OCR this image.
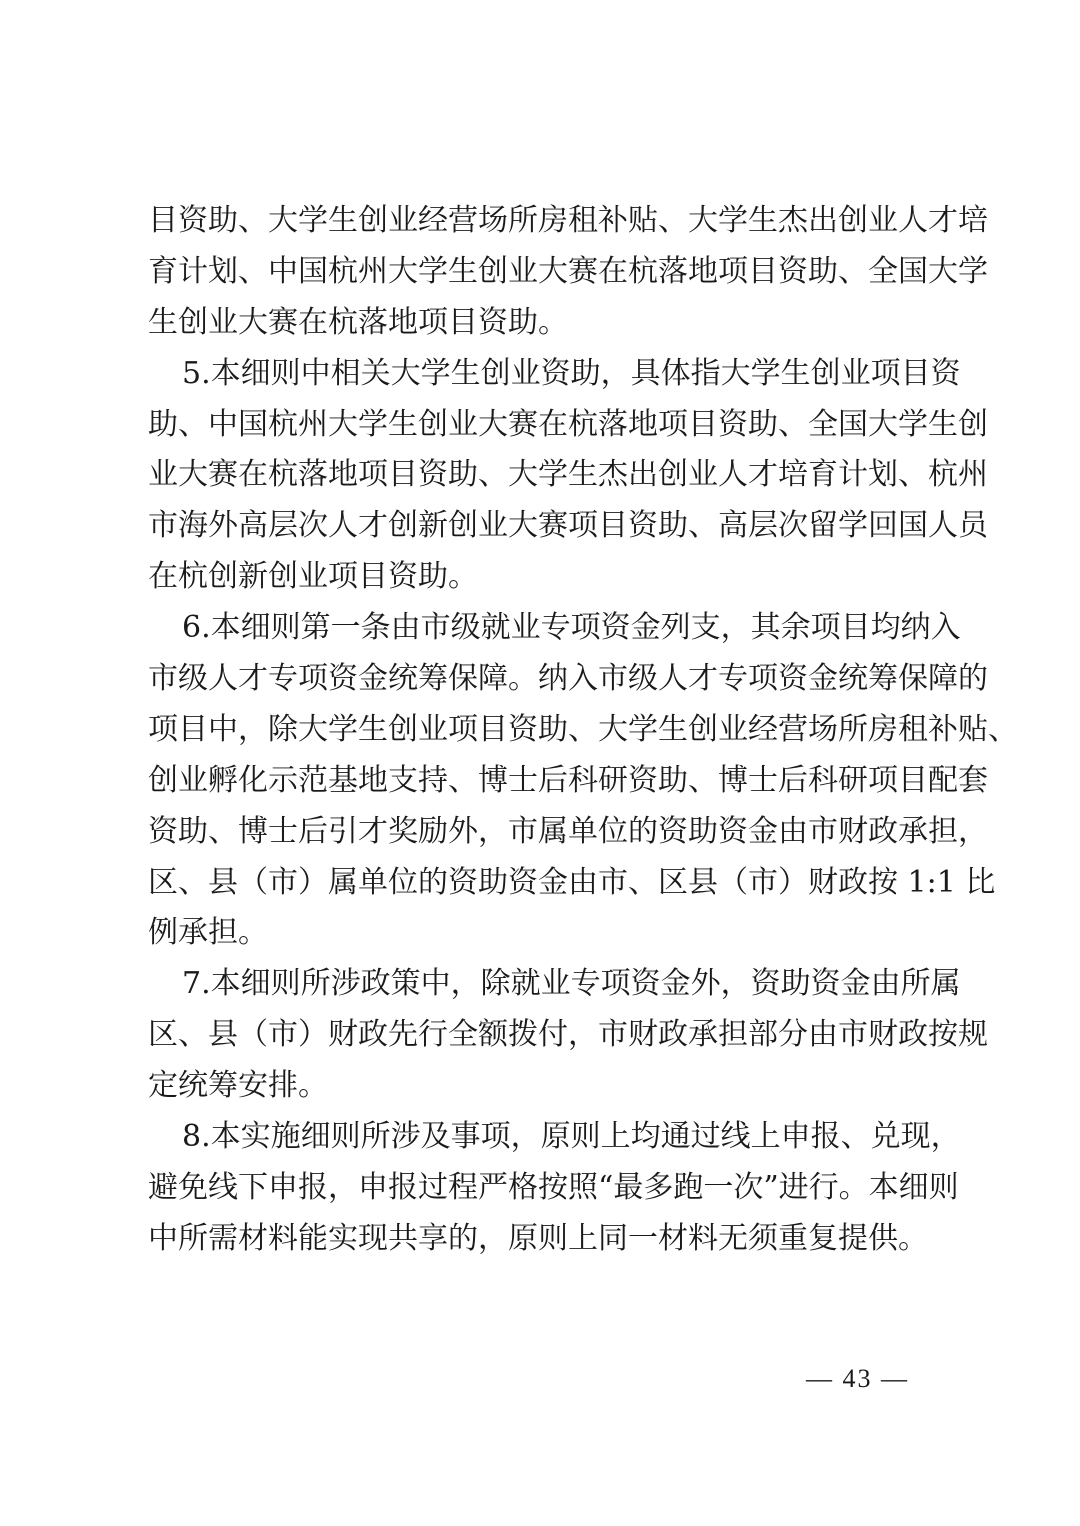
目资助、大学生创业经营场所房租补贴、大学生杰出创业人才培
育计划、中国杭州大学生创业大赛在杭落地项目资助、全国大学
生创业大赛在杭落地项目资助。
5.本细则中相关大学生创业资助，具体指大学生创业项目资
助、中国杭州大学生创业大赛在杭落地项目资助、全国大学生创
业大赛在杭落地项目资助、大学生杰出创业人才培育计划、杭州
市海外高层次人才创新创业大赛项目资助、高层次留学回国人员
在杭创新创业项目资助。
6.本细则第一条由市级就业专项资金列支，其余项目均纳入
市级人才专项资金统筹保障。纳入市级人才专项资金统筹保障的
项目中，除大学生创业项目资助、大学生创业经营场所房租补贴、
创业孵化示范基地支持、博士后科研资助、博士后科研项目配套
资助、博士后引才奖励外，市属单位的资助资金由市财政承担，
区、县（市）属单位的资助资金由市、区县（市）财政按 1:1 比
例承担。
7.本细则所涉政策中，除就业专项资金外，资助资金由所属
区、县（市）财政先行全额拨付，市财政承担部分由市财政按规
定统筹安排。
8.本实施细则所涉及事项，原则上均通过线上申报、兑现，
避免线下申报，申报过程严格按照“最多跑一次”进行。本细则
中所需材料能实现共享的，原则上同一材料无须重复提供。
— 43 —
